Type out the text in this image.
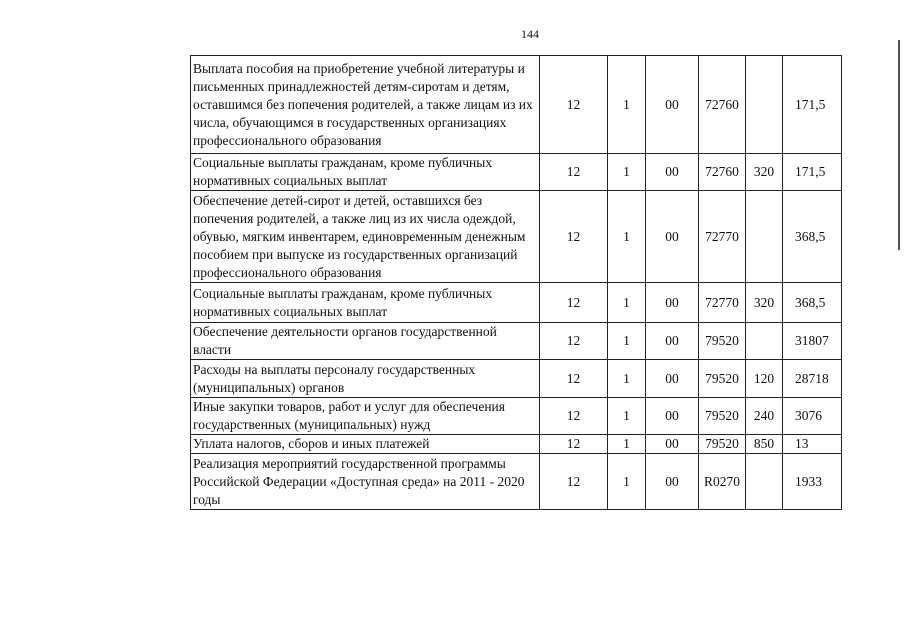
144
Выплата пособия на приобретение учебной литературы и письменных принадлежностей детям-сиротам и детям, оставшимся без попечения родителей, а также лицам из их числа, обучающимся в государственных организациях профессионального образования	12	1	00	72760		171,5
Социальные выплаты гражданам, кроме публичных нормативных социальных выплат	12	1	00	72760	320	171,5
Обеспечение детей-сирот и детей, оставшихся без попечения родителей, а также лиц из их числа одеждой, обувью, мягким инвентарем, единовременным денежным пособием при выпуске из государственных организаций профессионального образования	12	1	00	72770		368,5
Социальные выплаты гражданам, кроме публичных нормативных социальных выплат	12	1	00	72770	320	368,5
Обеспечение деятельности органов государственной власти	12	1	00	79520		31807
Расходы на выплаты персоналу государственных (муниципальных) органов	12	1	00	79520	120	28718
Иные закупки товаров, работ и услуг для обеспечения государственных (муниципальных) нужд	12	1	00	79520	240	3076
Уплата налогов, сборов и иных платежей	12	1	00	79520	850	13
Реализация мероприятий государственной программы Российской Федерации «Доступная среда» на 2011 - 2020 годы	12	1	00	R0270		1933
